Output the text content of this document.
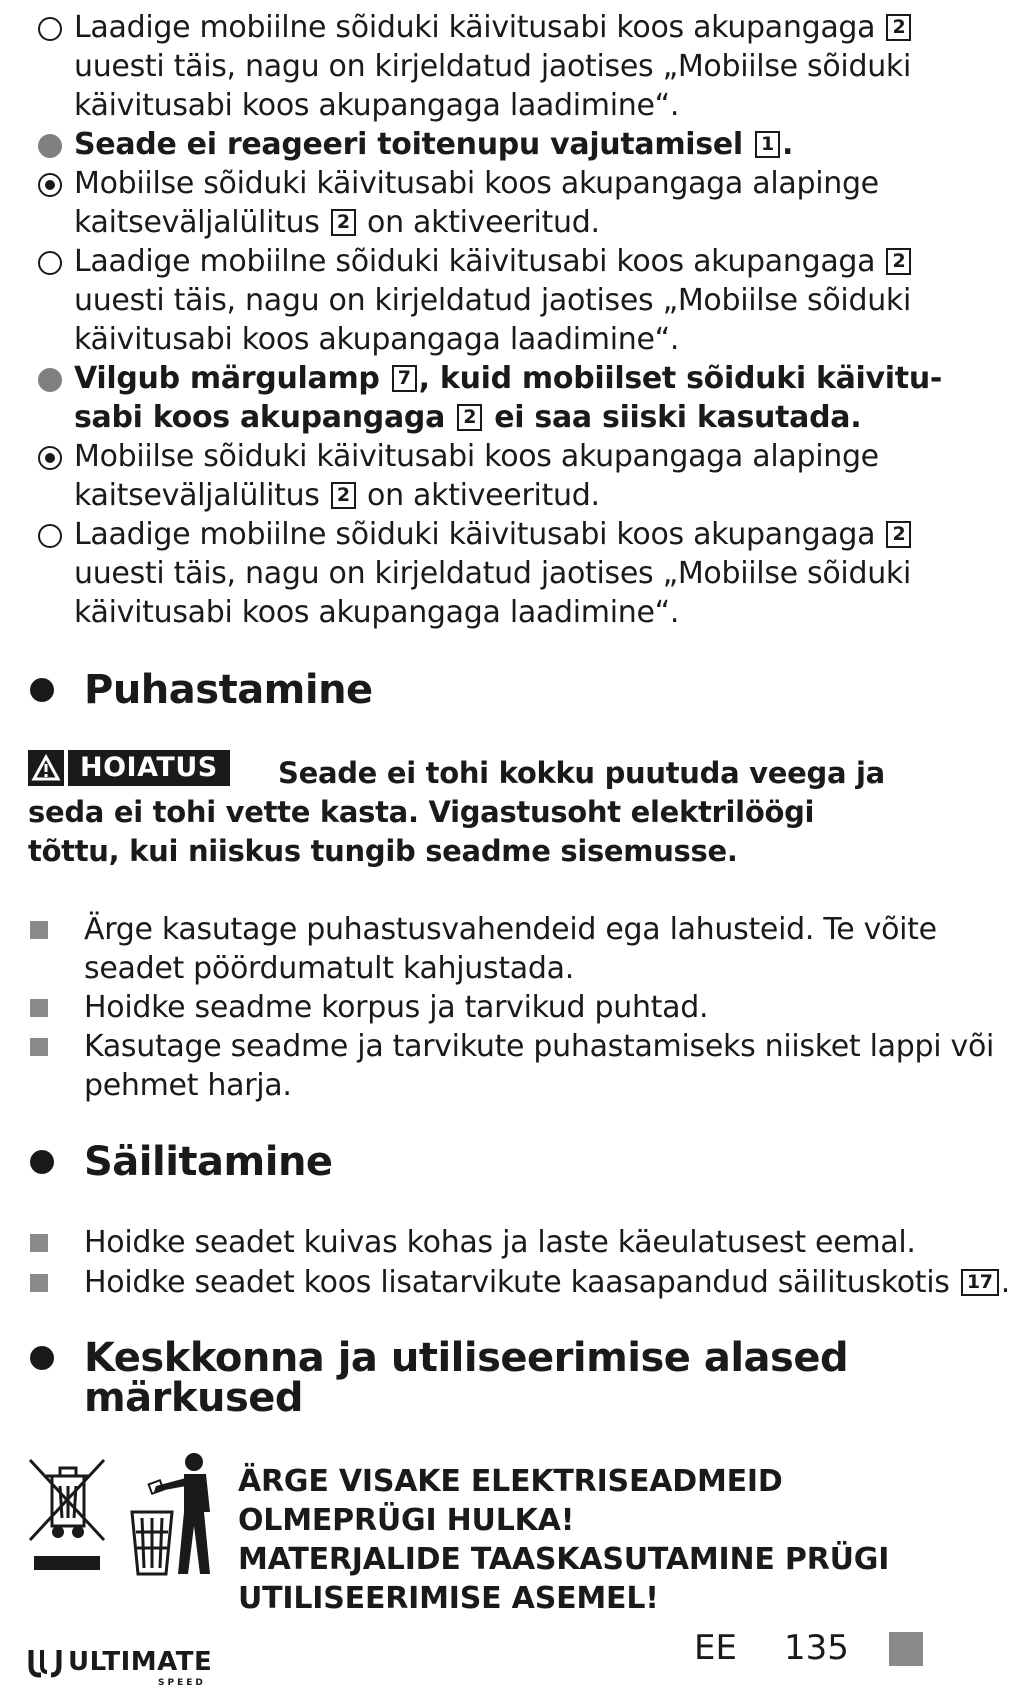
Laadige mobiilne sõiduki käivitusabi koos akupangaga 2
uuesti täis, nagu on kirjeldatud jaotises „Mobiilse sõiduki
käivitusabi koos akupangaga laadimine“.
Seade ei reageeri toitenupu vajutamisel 1 .
Mobiilse sõiduki käivitusabi koos akupangaga alapinge
kaitseväljalülitus 2 on aktiveeritud.
Laadige mobiilne sõiduki käivitusabi koos akupangaga 2
uuesti täis, nagu on kirjeldatud jaotises „Mobiilse sõiduki
käivitusabi koos akupangaga laadimine“.
Vilgub märgulamp 7 , kuid mobiilset sõiduki käivitu-
sabi koos akupangaga 2 ei saa siiski kasutada.
Mobiilse sõiduki käivitusabi koos akupangaga alapinge
kaitseväljalülitus 2 on aktiveeritud.
Laadige mobiilne sõiduki käivitusabi koos akupangaga 2
uuesti täis, nagu on kirjeldatud jaotises „Mobiilse sõiduki
käivitusabi koos akupangaga laadimine“.
Puhastamine
HOIATUS	Seade ei tohi kokku puutuda veega ja
seda ei tohi vette kasta. Vigastusoht elektrilöögi
tõttu, kui niiskus tungib seadme sisemusse.
Ärge kasutage puhastusvahendeid ega lahusteid. Te võite
seadet pöördumatult kahjustada.
Hoidke seadme korpus ja tarvikud puhtad.
Kasutage seadme ja tarvikute puhastamiseks niisket lappi või
pehmet harja.
Säilitamine
Hoidke seadet kuivas kohas ja laste käeulatusest eemal.
Hoidke seadet koos lisatarvikute kaasapandud säilituskotis 17 .
Keskkonna ja utiliseerimise alased
märkused
ÄRGE VISAKE ELEKTRISEADMEID
OLMEPRÜGI HULKA!
MATERJALIDE TAASKASUTAMINE PRÜGI
UTILISEERIMISE ASEMEL!
ULTIMATE
SPEED
EE 135
